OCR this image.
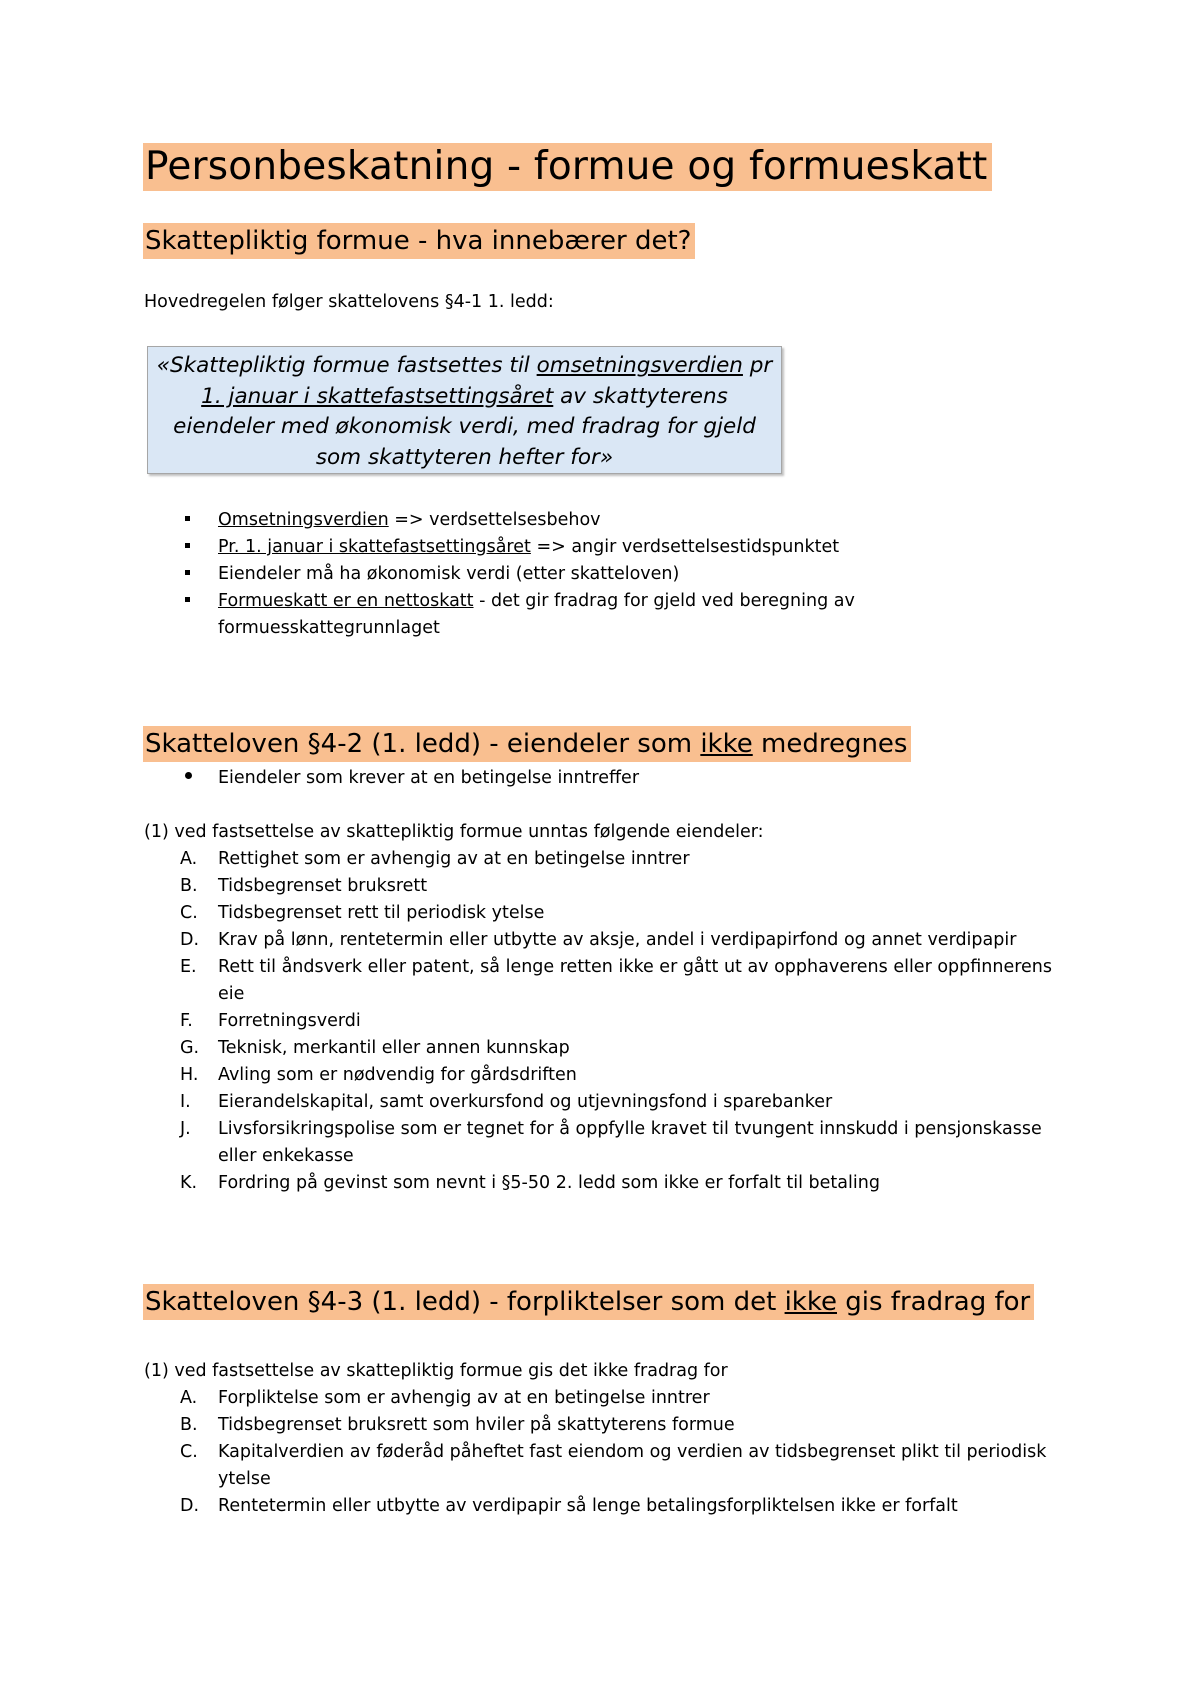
Personbeskatning - formue og formueskatt
Skattepliktig formue - hva innebærer det?
Hovedregelen følger skattelovens §4-1 1. ledd:
«Skattepliktig formue fastsettes til omsetningsverdien pr 1. januar i skattefastsettingsåret av skattyterens eiendeler med økonomisk verdi, med fradrag for gjeld som skattyteren hefter for»
Omsetningsverdien => verdsettelsesbehov
Pr. 1. januar i skattefastsettingsåret => angir verdsettelsestidspunktet
Eiendeler må ha økonomisk verdi (etter skatteloven)
Formueskatt er en nettoskatt - det gir fradrag for gjeld ved beregning av formuesskattegrunnlaget
Skatteloven §4-2 (1. ledd) - eiendeler som ikke medregnes
Eiendeler som krever at en betingelse inntreffer
(1) ved fastsettelse av skattepliktig formue unntas følgende eiendeler:
A. Rettighet som er avhengig av at en betingelse inntrer
B. Tidsbegrenset bruksrett
C. Tidsbegrenset rett til periodisk ytelse
D. Krav på lønn, rentetermin eller utbytte av aksje, andel i verdipapirfond og annet verdipapir
E. Rett til åndsverk eller patent, så lenge retten ikke er gått ut av opphaverens eller oppfinnerens eie
F. Forretningsverdi
G. Teknisk, merkantil eller annen kunnskap
H. Avling som er nødvendig for gårdsdriften
I. Eierandelskapital, samt overkursfond og utjevningsfond i sparebanker
J. Livsforsikringspolise som er tegnet for å oppfylle kravet til tvungent innskudd i pensjonskasse eller enkekasse
K. Fordring på gevinst som nevnt i §5-50 2. ledd som ikke er forfalt til betaling
Skatteloven §4-3 (1. ledd) - forpliktelser som det ikke gis fradrag for
(1) ved fastsettelse av skattepliktig formue gis det ikke fradrag for
A. Forpliktelse som er avhengig av at en betingelse inntrer
B. Tidsbegrenset bruksrett som hviler på skattyterens formue
C. Kapitalverdien av føderåd påheftet fast eiendom og verdien av tidsbegrenset plikt til periodisk ytelse
D. Rentetermin eller utbytte av verdipapir så lenge betalingsforpliktelsen ikke er forfalt
